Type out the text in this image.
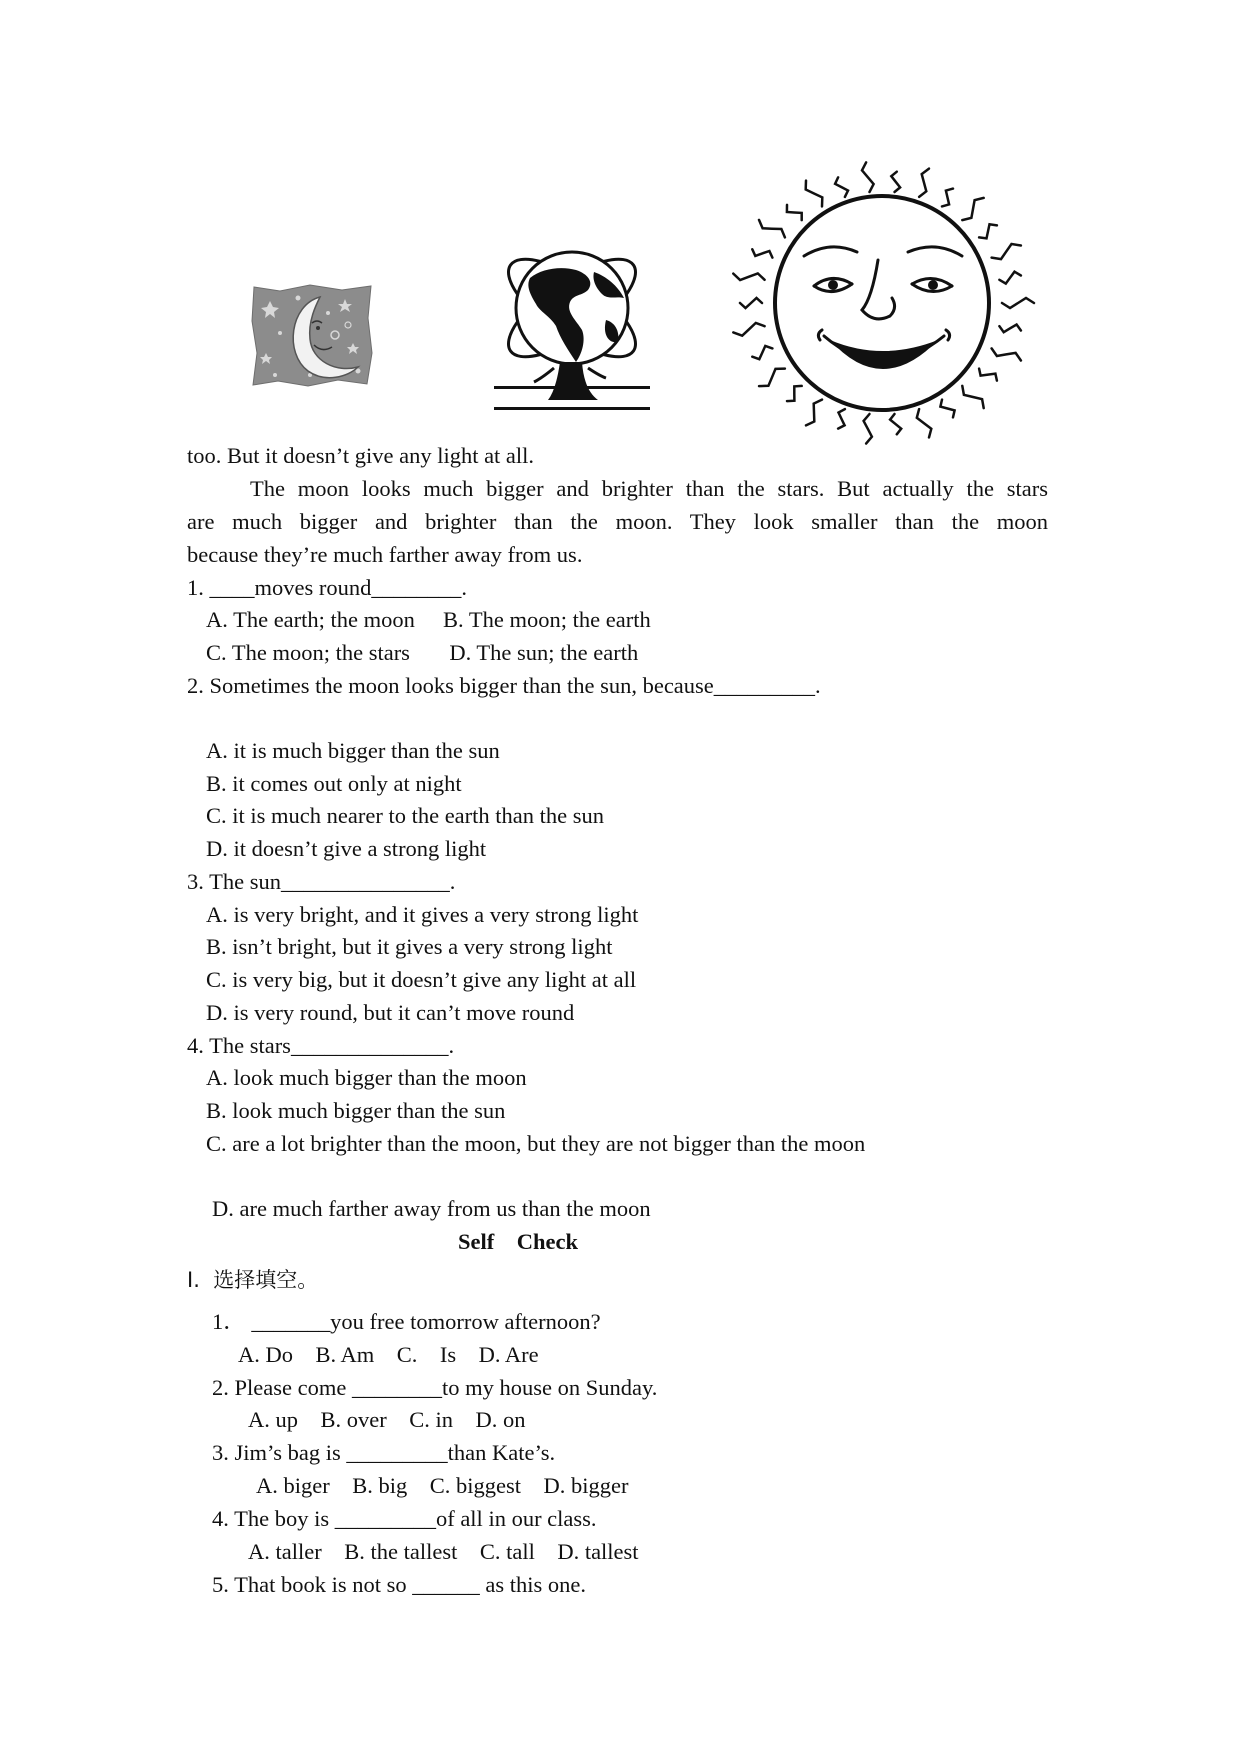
too. But it doesn’t give any light at all.
The moon looks much bigger and brighter than the stars. But actually the stars
are much bigger and brighter than the moon. They look smaller than the moon
because they’re much farther away from us.
1. ____moves round________.
A. The earth; the moon     B. The moon; the earth
C. The moon; the stars       D. The sun; the earth
2. Sometimes the moon looks bigger than the sun, because_________.
A. it is much bigger than the sun
B. it comes out only at night
C. it is much nearer to the earth than the sun
D. it doesn’t give a strong light
3. The sun_______________.
A. is very bright, and it gives a very strong light
B. isn’t bright, but it gives a very strong light
C. is very big, but it doesn’t give any light at all
D. is very round, but it can’t move round
4. The stars______________.
A. look much bigger than the moon
B. look much bigger than the sun
C. are a lot brighter than the moon, but they are not bigger than the moon
D. are much farther away from us than the moon
Self    Check
I.  选择填空。
1． _______you free tomorrow afternoon?
A. Do    B. Am    C.    Is    D. Are
2. Please come ________to my house on Sunday.
A. up    B. over    C. in    D. on
3. Jim’s bag is _________than Kate’s.
A. biger    B. big    C. biggest    D. bigger
4. The boy is _________of all in our class.
A. taller    B. the tallest    C. tall    D. tallest
5. That book is not so ______ as this one.
